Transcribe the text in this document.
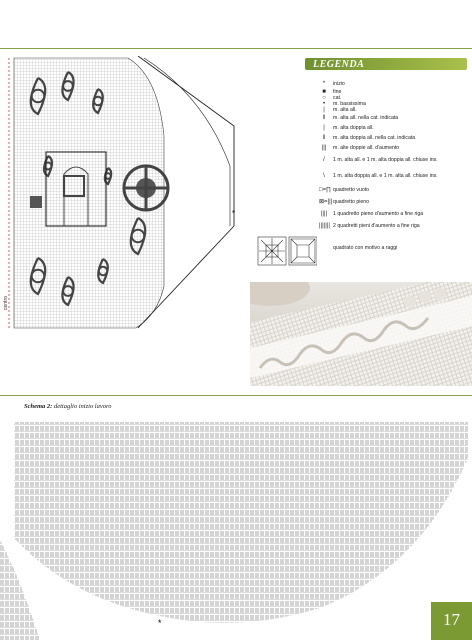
*
centro
LEGENDA
*	inizio
■	fine
○	cat.
•	m. bassissima
|	m. alta all.
‖	m. alta all. nella cat. indicata
|	m. alta doppia all.
‖	m. alta doppia all. nella cat. indicata
|||	m. alte doppie all. d'aumento
/	1 m. alta all. e 1 m. alta doppia all. chiuse ins.
\	1 m. alta doppia all. e 1 m. alta all. chiuse ins.
□=∏ quadretto vuoto
⊠=||| quadretto pieno
||||	1 quadretto pieno d'aumento a fine riga
||||||| 2 quadretti pieni d'aumento a fine riga
quadrato con motivo a raggi
Schema 2: dettaglio inizio lavoro
*	17
